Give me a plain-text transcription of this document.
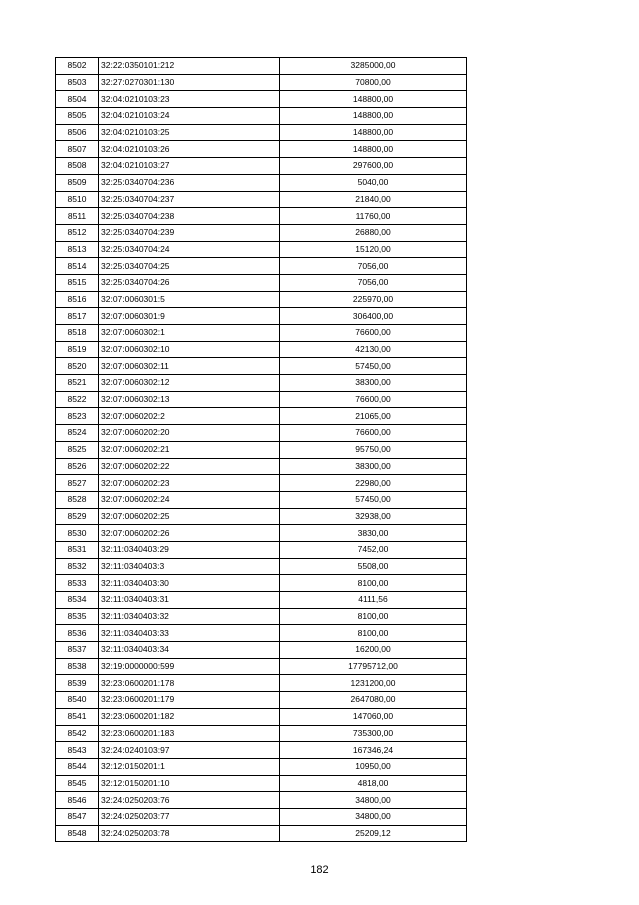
8502	32:22:0350101:212	3285000,00
8503	32:27:0270301:130	70800,00
8504	32:04:0210103:23	148800,00
8505	32:04:0210103:24	148800,00
8506	32:04:0210103:25	148800,00
8507	32:04:0210103:26	148800,00
8508	32:04:0210103:27	297600,00
8509	32:25:0340704:236	5040,00
8510	32:25:0340704:237	21840,00
8511	32:25:0340704:238	11760,00
8512	32:25:0340704:239	26880,00
8513	32:25:0340704:24	15120,00
8514	32:25:0340704:25	7056,00
8515	32:25:0340704:26	7056,00
8516	32:07:0060301:5	225970,00
8517	32:07:0060301:9	306400,00
8518	32:07:0060302:1	76600,00
8519	32:07:0060302:10	42130,00
8520	32:07:0060302:11	57450,00
8521	32:07:0060302:12	38300,00
8522	32:07:0060302:13	76600,00
8523	32:07:0060202:2	21065,00
8524	32:07:0060202:20	76600,00
8525	32:07:0060202:21	95750,00
8526	32:07:0060202:22	38300,00
8527	32:07:0060202:23	22980,00
8528	32:07:0060202:24	57450,00
8529	32:07:0060202:25	32938,00
8530	32:07:0060202:26	3830,00
8531	32:11:0340403:29	7452,00
8532	32:11:0340403:3	5508,00
8533	32:11:0340403:30	8100,00
8534	32:11:0340403:31	4111,56
8535	32:11:0340403:32	8100,00
8536	32:11:0340403:33	8100,00
8537	32:11:0340403:34	16200,00
8538	32:19:0000000:599	17795712,00
8539	32:23:0600201:178	1231200,00
8540	32:23:0600201:179	2647080,00
8541	32:23:0600201:182	147060,00
8542	32:23:0600201:183	735300,00
8543	32:24:0240103:97	167346,24
8544	32:12:0150201:1	10950,00
8545	32:12:0150201:10	4818,00
8546	32:24:0250203:76	34800,00
8547	32:24:0250203:77	34800,00
8548	32:24:0250203:78	25209,12
182
